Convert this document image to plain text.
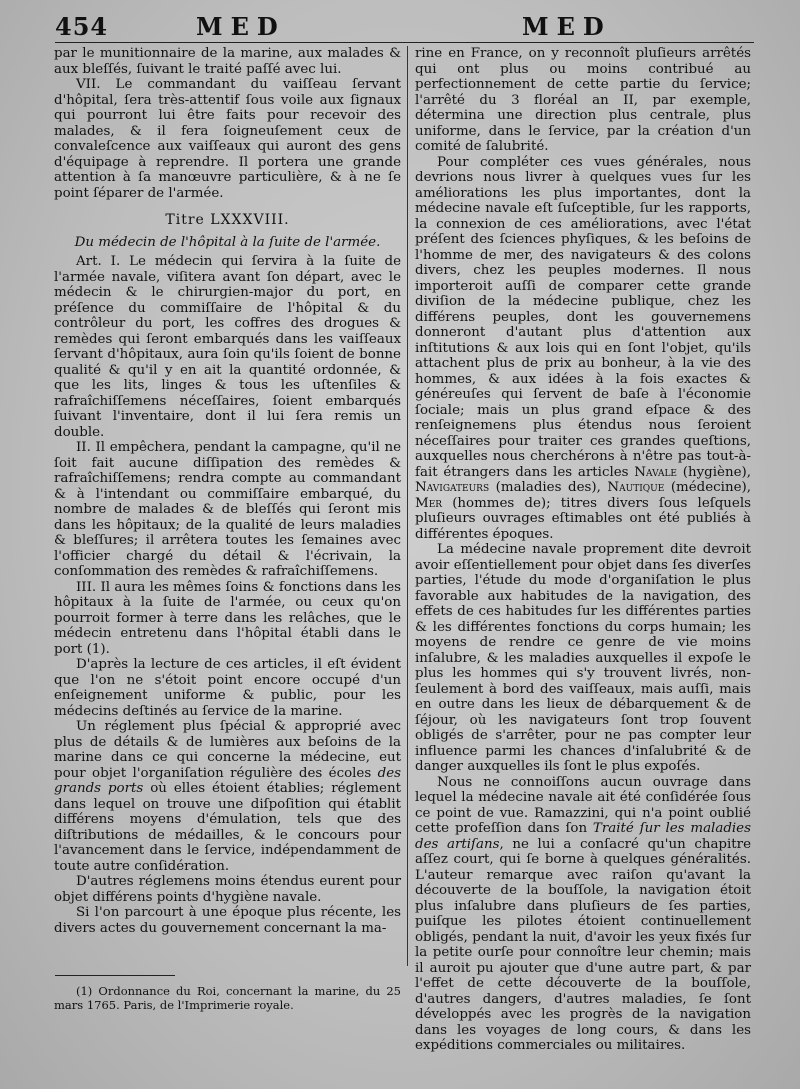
454	MED	MED

par le munitionnaire de la marine, aux malades & aux bleſſés, ſuivant le traité paſſé avec lui.

VII. Le commandant du vaiſſeau ſervant d'hôpital, ſera très-attentif ſous voile aux ſignaux qui pourront lui être faits pour recevoir des malades, & il fera ſoigneuſement ceux de convaleſcence aux vaiſſeaux qui auront des gens d'équipage à reprendre. Il portera une grande attention à ſa manœuvre particulière, & à ne ſe point ſéparer de l'armée.

Titre LXXXVIII.

Du médecin de l'hôpital à la ſuite de l'armée.

Art. I. Le médecin qui ſervira à la ſuite de l'armée navale, viſitera avant ſon départ, avec le médecin & le chirurgien-major du port, en préſence du commiſſaire de l'hôpital & du contrôleur du port, les coffres des drogues & remèdes qui ſeront embarqués dans les vaiſſeaux ſervant d'hôpitaux, aura ſoin qu'ils ſoient de bonne qualité & qu'il y en ait la quantité ordonnée, & que les lits, linges & tous les uſtenſiles & rafraîchiſſemens néceſſaires, ſoient embarqués ſuivant l'inventaire, dont il lui ſera remis un double.

II. Il empêchera, pendant la campagne, qu'il ne ſoit fait aucune diſſipation des remèdes & rafraîchiſſemens; rendra compte au commandant & à l'intendant ou commiſſaire embarqué, du nombre de malades & de bleſſés qui ſeront mis dans les hôpitaux; de la qualité de leurs maladies & bleſſures; il arrêtera toutes les ſemaines avec l'officier chargé du détail & l'écrivain, la conſommation des remèdes & rafraîchiſſemens.

III. Il aura les mêmes ſoins & fonctions dans les hôpitaux à la ſuite de l'armée, ou ceux qu'on pourroit former à terre dans les relâches, que le médecin entretenu dans l'hôpital établi dans le port (1).

D'après la lecture de ces articles, il eſt évident que l'on ne s'étoit point encore occupé d'un enſeignement uniforme & public, pour les médecins deſtinés au ſervice de la marine.

Un réglement plus ſpécial & approprié avec plus de détails & de lumières aux beſoins de la marine dans ce qui concerne la médecine, eut pour objet l'organiſation régulière des écoles des grands ports où elles étoient établies; réglement dans lequel on trouve une diſpoſition qui établit différens moyens d'émulation, tels que des diſtributions de médailles, & le concours pour l'avancement dans le ſervice, indépendamment de toute autre conſidération.

D'autres réglemens moins étendus eurent pour objet différens points d'hygiène navale.

Si l'on parcourt à une époque plus récente, les divers actes du gouvernement concernant la ma-

rine en France, on y reconnoît pluſieurs arrêtés qui ont plus ou moins contribué au perfectionnement de cette partie du ſervice; l'arrêté du 3 floréal an II, par exemple, détermina une direction plus centrale, plus uniforme, dans le ſervice, par la création d'un comité de ſalubrité.

Pour compléter ces vues générales, nous devrions nous livrer à quelques vues ſur les améliorations les plus importantes, dont la médecine navale eſt ſuſceptible, ſur les rapports, la connexion de ces améliorations, avec l'état préſent des ſciences phyſiques, & les beſoins de l'homme de mer, des navigateurs & des colons divers, chez les peuples modernes. Il nous importeroit auſſi de comparer cette grande diviſion de la médecine publique, chez les différens peuples, dont les gouvernemens donneront d'autant plus d'attention aux inſtitutions & aux lois qui en ſont l'objet, qu'ils attachent plus de prix au bonheur, à la vie des hommes, & aux idées à la fois exactes & généreuſes qui ſervent de baſe à l'économie ſociale; mais un plus grand eſpace & des renſeignemens plus étendus nous ſeroient néceſſaires pour traiter ces grandes queſtions, auxquelles nous cherchérons à n'être pas tout-à-fait étrangers dans les articles Navale (hygiène), Navigateurs (maladies des), Nautique (médecine), Mer (hommes de); titres divers ſous leſquels pluſieurs ouvrages eſtimables ont été publiés à différentes époques.

La médecine navale proprement dite devroit avoir eſſentiellement pour objet dans ſes diverſes parties, l'étude du mode d'organiſation le plus favorable aux habitudes de la navigation, des effets de ces habitudes ſur les différentes parties & les différentes fonctions du corps humain; les moyens de rendre ce genre de vie moins inſalubre, & les maladies auxquelles il expoſe le plus les hommes qui s'y trouvent livrés, non-ſeulement à bord des vaiſſeaux, mais auſſi, mais en outre dans les lieux de débarquement & de ſéjour, où les navigateurs ſont trop ſouvent obligés de s'arrêter, pour ne pas compter leur influence parmi les chances d'inſalubrité & de danger auxquelles ils ſont le plus expoſés.

Nous ne connoiſſons aucun ouvrage dans lequel la médecine navale ait été conſidérée ſous ce point de vue. Ramazzini, qui n'a point oublié cette profeſſion dans ſon Traité ſur les maladies des artiſans, ne lui a conſacré qu'un chapitre aſſez court, qui ſe borne à quelques généralités. L'auteur remarque avec raiſon qu'avant la découverte de la bouſſole, la navigation étoit plus inſalubre dans pluſieurs de ſes parties, puiſque les pilotes étoient continuellement obligés, pendant la nuit, d'avoir les yeux fixés ſur la petite ourſe pour connoître leur chemin; mais il auroit pu ajouter que d'une autre part, & par l'effet de cette découverte de la bouſſole, d'autres dangers, d'autres maladies, ſe ſont développés avec les progrès de la navigation dans les voyages de long cours, & dans les expéditions commerciales ou militaires.

(1) Ordonnance du Roi, concernant la marine, du 25 mars 1765. Paris, de l'Imprimerie royale.
